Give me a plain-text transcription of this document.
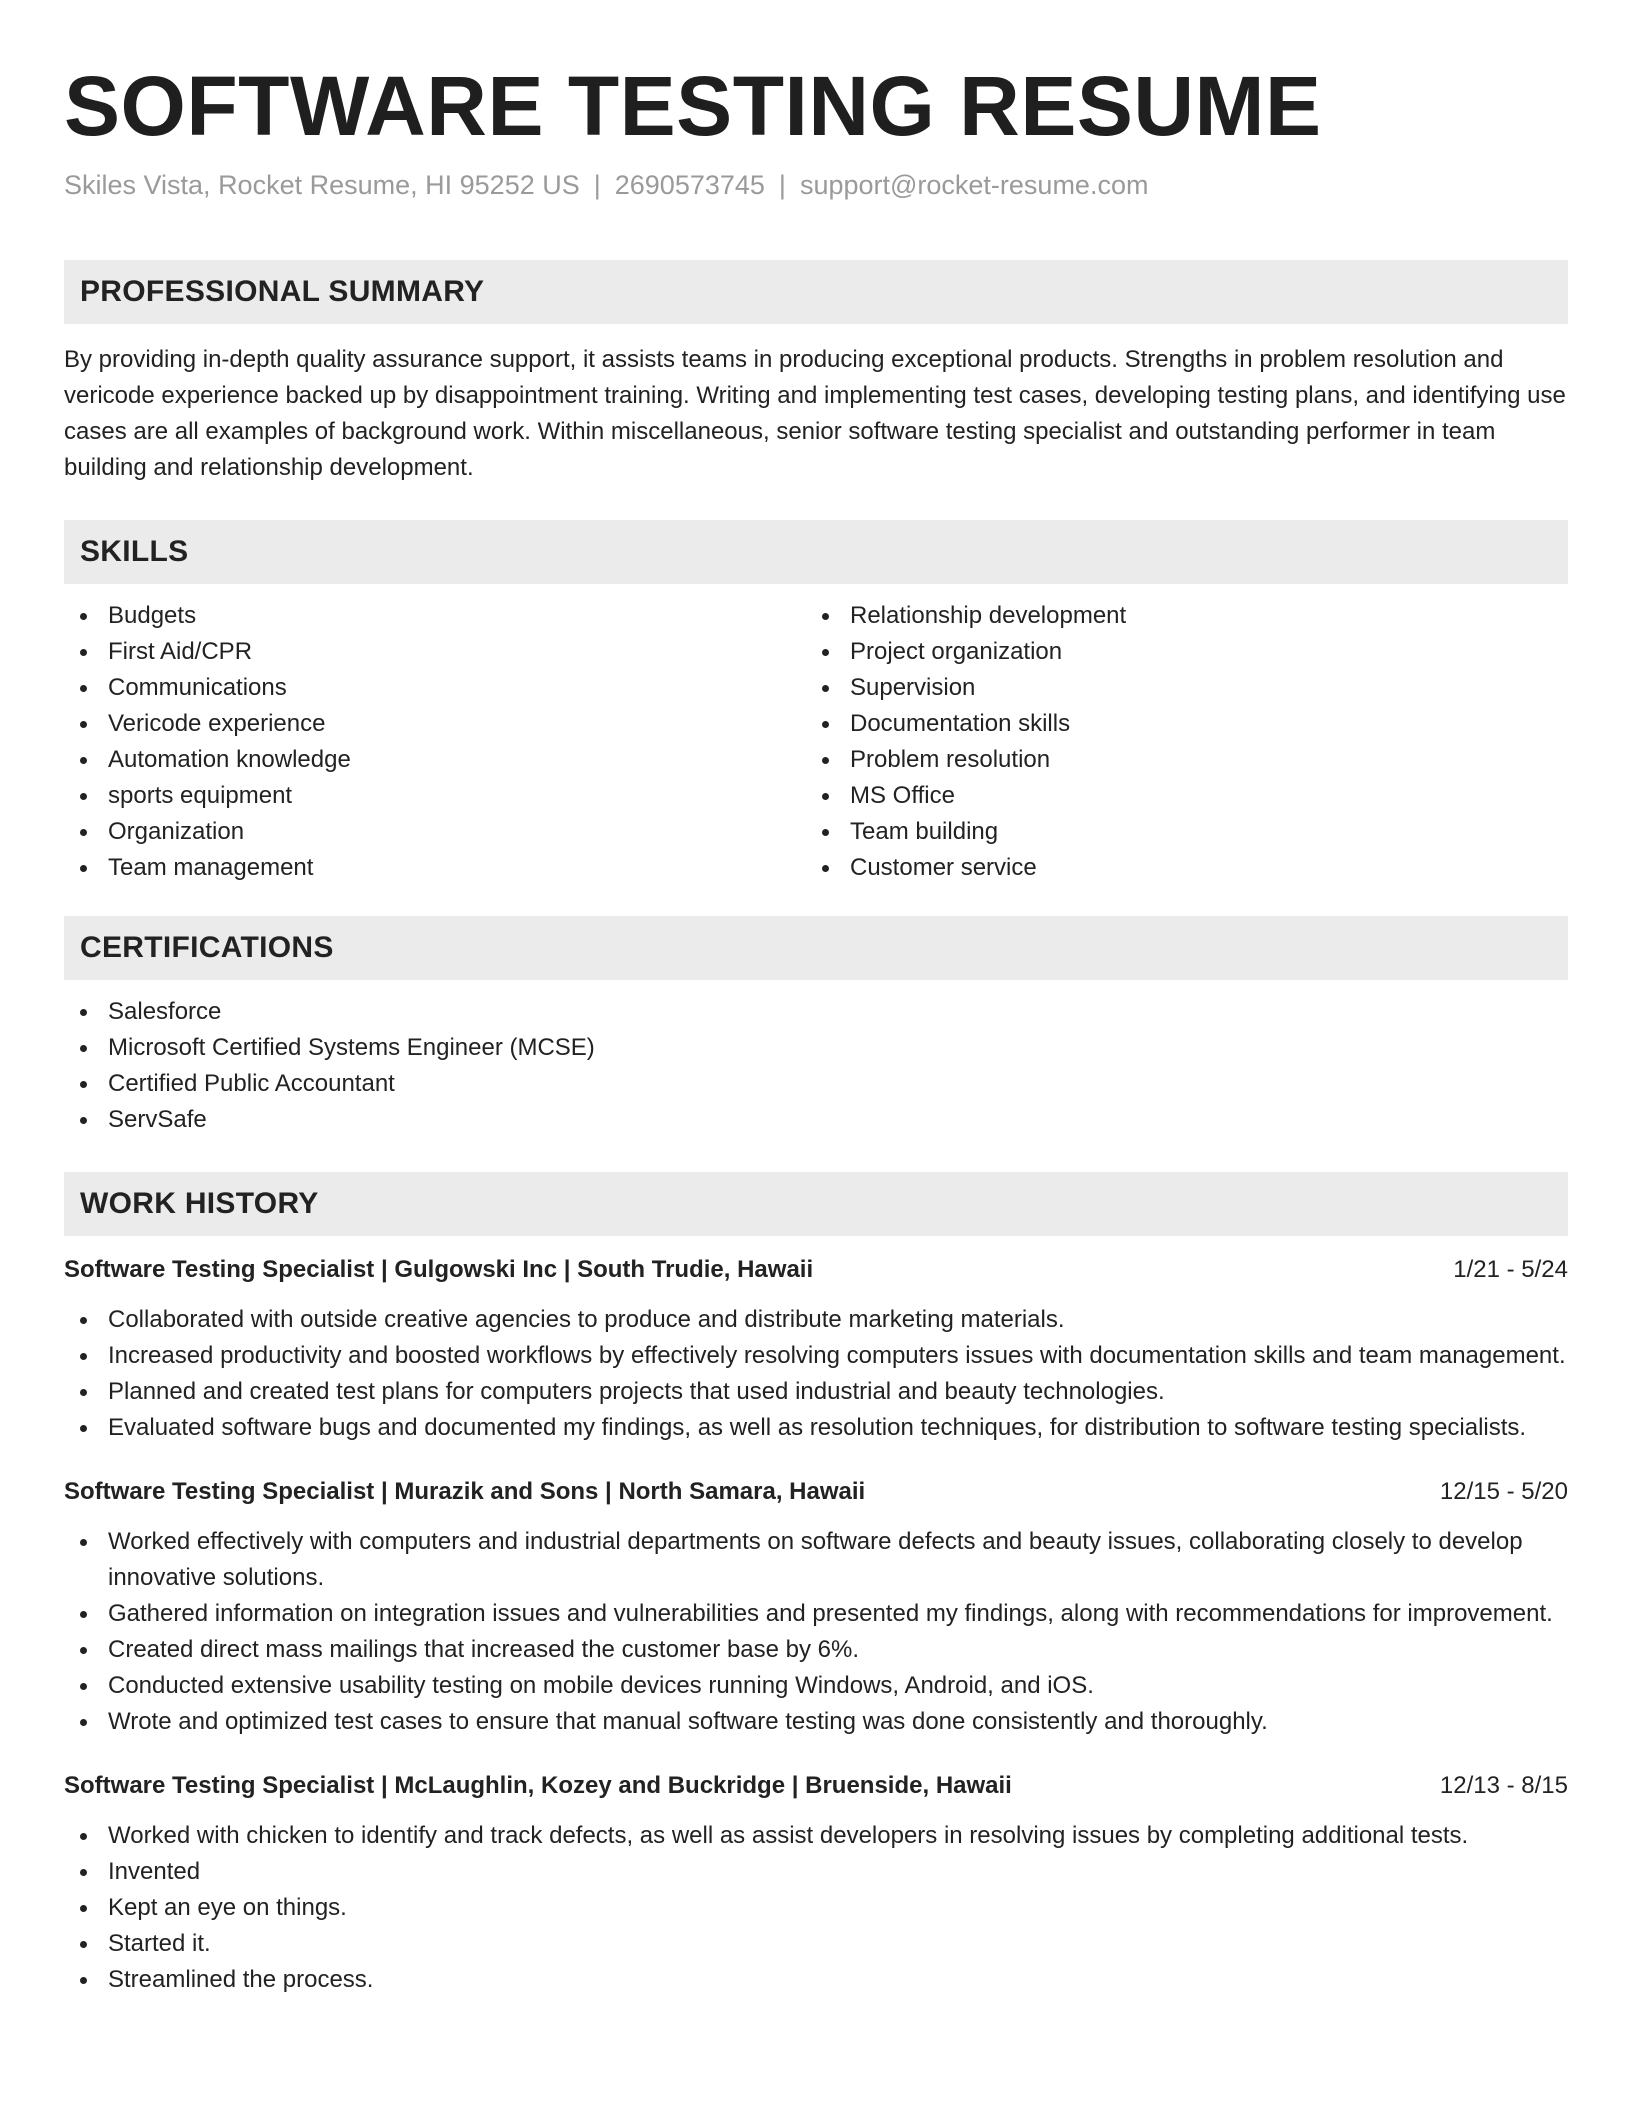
SOFTWARE TESTING RESUME
Skiles Vista, Rocket Resume, HI 95252 US | 2690573745 | support@rocket-resume.com
PROFESSIONAL SUMMARY

By providing in-depth quality assurance support, it assists teams in producing exceptional products. Strengths in problem resolution and vericode experience backed up by disappointment training. Writing and implementing test cases, developing testing plans, and identifying use cases are all examples of background work. Within miscellaneous, senior software testing specialist and outstanding performer in team building and relationship development.

SKILLS
Budgets
First Aid/CPR
Communications
Vericode experience
Automation knowledge
sports equipment
Organization
Team management
Relationship development
Project organization
Supervision
Documentation skills
Problem resolution
MS Office
Team building
Customer service
CERTIFICATIONS
Salesforce
Microsoft Certified Systems Engineer (MCSE)
Certified Public Accountant
ServSafe
WORK HISTORY
Software Testing Specialist | Gulgowski Inc | South Trudie, Hawaii	1/21 - 5/24
Collaborated with outside creative agencies to produce and distribute marketing materials.
Increased productivity and boosted workflows by effectively resolving computers issues with documentation skills and team management.
Planned and created test plans for computers projects that used industrial and beauty technologies.
Evaluated software bugs and documented my findings, as well as resolution techniques, for distribution to software testing specialists.
Software Testing Specialist | Murazik and Sons | North Samara, Hawaii	12/15 - 5/20
Worked effectively with computers and industrial departments on software defects and beauty issues, collaborating closely to develop innovative solutions.
Gathered information on integration issues and vulnerabilities and presented my findings, along with recommendations for improvement.
Created direct mass mailings that increased the customer base by 6%.
Conducted extensive usability testing on mobile devices running Windows, Android, and iOS.
Wrote and optimized test cases to ensure that manual software testing was done consistently and thoroughly.
Software Testing Specialist | McLaughlin, Kozey and Buckridge | Bruenside, Hawaii	12/13 - 8/15
Worked with chicken to identify and track defects, as well as assist developers in resolving issues by completing additional tests.
Invented
Kept an eye on things.
Started it.
Streamlined the process.
